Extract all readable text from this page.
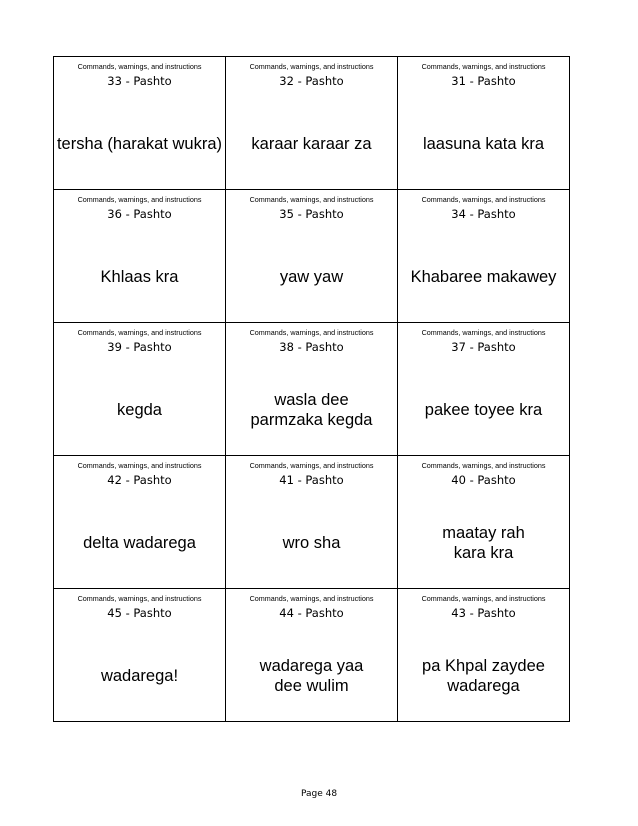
Commands, warnings, and instructions
33 - Pashto
tersha (harakat wukra)
Commands, warnings, and instructions
32 - Pashto
karaar karaar za
Commands, warnings, and instructions
31 - Pashto
laasuna kata kra
Commands, warnings, and instructions
36 - Pashto
Khlaas kra
Commands, warnings, and instructions
35 - Pashto
yaw yaw
Commands, warnings, and instructions
34 - Pashto
Khabaree makawey
Commands, warnings, and instructions
39 - Pashto
kegda
Commands, warnings, and instructions
38 - Pashto
wasla dee
parmzaka kegda
Commands, warnings, and instructions
37 - Pashto
pakee toyee kra
Commands, warnings, and instructions
42 - Pashto
delta wadarega
Commands, warnings, and instructions
41 - Pashto
wro sha
Commands, warnings, and instructions
40 - Pashto
maatay rah
kara kra
Commands, warnings, and instructions
45 - Pashto
wadarega!
Commands, warnings, and instructions
44 - Pashto
wadarega yaa
dee wulim
Commands, warnings, and instructions
43 - Pashto
pa Khpal zaydee
wadarega
Page 48
